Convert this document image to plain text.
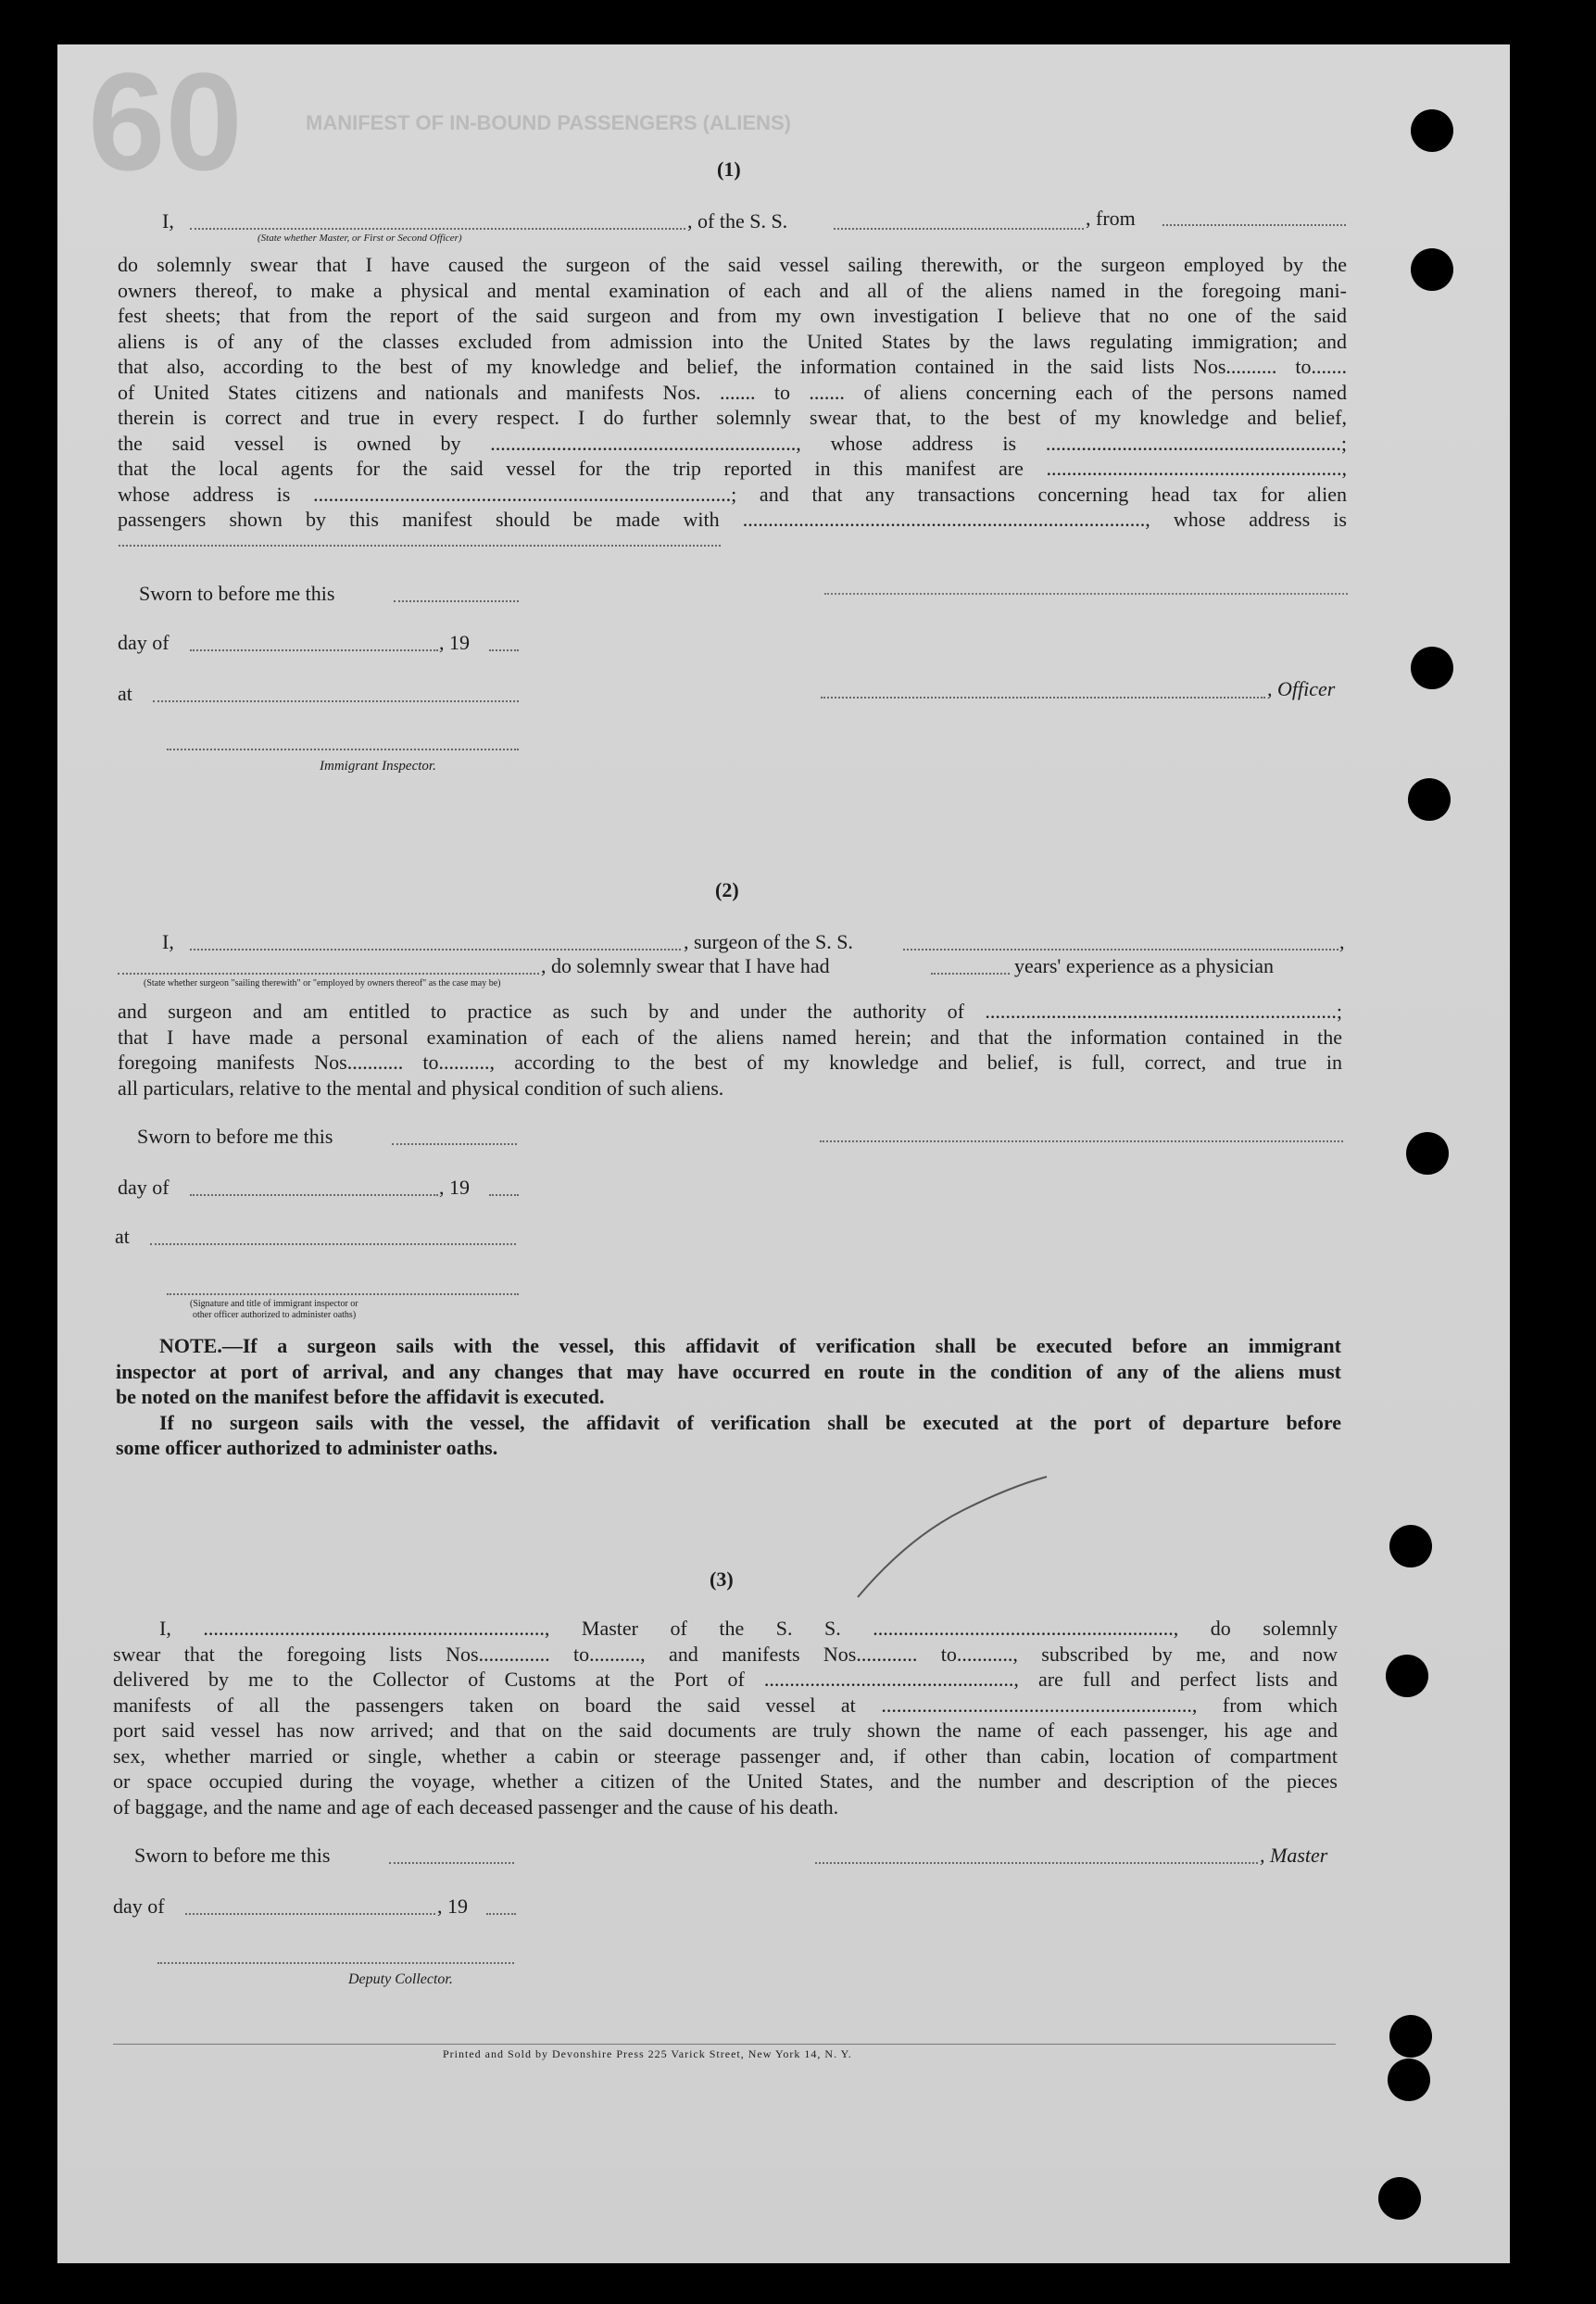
60	MANIFEST OF IN-BOUND PASSENGERS (ALIENS)
(1)
I,	, of the S. S.	, from
(State whether Master, or First or Second Officer)
do solemnly swear that I have caused the surgeon of the said vessel sailing therewith, or the surgeon employed by the
owners thereof, to make a physical and mental examination of each and all of the aliens named in the foregoing mani-
fest sheets; that from the report of the said surgeon and from my own investigation I believe that no one of the said
aliens is of any of the classes excluded from admission into the United States by the laws regulating immigration; and
that also, according to the best of my knowledge and belief, the information contained in the said lists Nos.......... to.......
of United States citizens and nationals and manifests Nos. ....... to ....... of aliens concerning each of the persons named
therein is correct and true in every respect. I do further solemnly swear that, to the best of my knowledge and belief,
the said vessel is owned by ............................................................, whose address is ..........................................................;
that the local agents for the said vessel for the trip reported in this manifest are ..........................................................,
whose address is ..................................................................................; and that any transactions concerning head tax for alien
passengers shown by this manifest should be made with ..............................................................................., whose address is
Sworn to before me this
day of	, 19
at	, Officer
Immigrant Inspector.
(2)
I,	, surgeon of the S. S.	,
, do solemnly swear that I have had	years' experience as a physician
(State whether surgeon "sailing therewith" or "employed by owners thereof" as the case may be)
and surgeon and am entitled to practice as such by and under the authority of .....................................................................;
that I have made a personal examination of each of the aliens named herein; and that the information contained in the
foregoing manifests Nos........... to.........., according to the best of my knowledge and belief, is full, correct, and true in
all particulars, relative to the mental and physical condition of such aliens.
Sworn to before me this
day of	, 19
at
(Signature and title of immigrant inspector or
other officer authorized to administer oaths)
NOTE.—If a surgeon sails with the vessel, this affidavit of verification shall be executed before an immigrant
inspector at port of arrival, and any changes that may have occurred en route in the condition of any of the aliens must
be noted on the manifest before the affidavit is executed.
If no surgeon sails with the vessel, the affidavit of verification shall be executed at the port of departure before
some officer authorized to administer oaths.
(3)
I, ..................................................................., Master of the S. S. ..........................................................., do solemnly
swear that the foregoing lists Nos.............. to.........., and manifests Nos............ to..........., subscribed by me, and now
delivered by me to the Collector of Customs at the Port of ................................................., are full and perfect lists and
manifests of all the passengers taken on board the said vessel at ............................................................., from which
port said vessel has now arrived; and that on the said documents are truly shown the name of each passenger, his age and
sex, whether married or single, whether a cabin or steerage passenger and, if other than cabin, location of compartment
or space occupied during the voyage, whether a citizen of the United States, and the number and description of the pieces
of baggage, and the name and age of each deceased passenger and the cause of his death.
Sworn to before me this	, Master
day of	, 19
Deputy Collector.
Printed and Sold by Devonshire Press 225 Varick Street, New York 14, N. Y.
